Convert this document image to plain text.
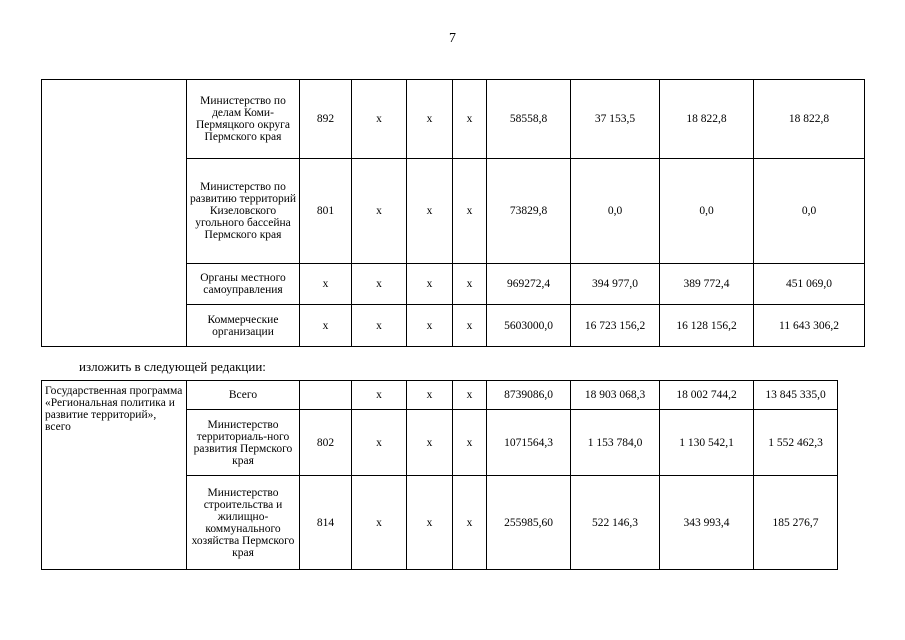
7
	Министерство по делам Коми-Пермяцкого округа Пермского края	892	х	х	х	58558,8	37 153,5	18 822,8	18 822,8
	Министерство по развитию территорий Кизеловского угольного бассейна Пермского края	801	х	х	х	73829,8	0,0	0,0	0,0
	Органы местного самоуправления	х	х	х	х	969272,4	394 977,0	389 772,4	451 069,0
	Коммерческие организации	х	х	х	х	5603000,0	16 723 156,2	16 128 156,2	11 643 306,2
изложить в следующей редакции:
Государственная программа «Региональная политика и развитие территорий», всего	Всего		х	х	х	8739086,0	18 903 068,3	18 002 744,2	13 845 335,0
	Министерство территориаль-ного развития Пермского края	802	х	х	х	1071564,3	1 153 784,0	1 130 542,1	1 552 462,3
	Министерство строительства и жилищно-коммунального хозяйства Пермского края	814	х	х	х	255985,60	522 146,3	343 993,4	185 276,7
